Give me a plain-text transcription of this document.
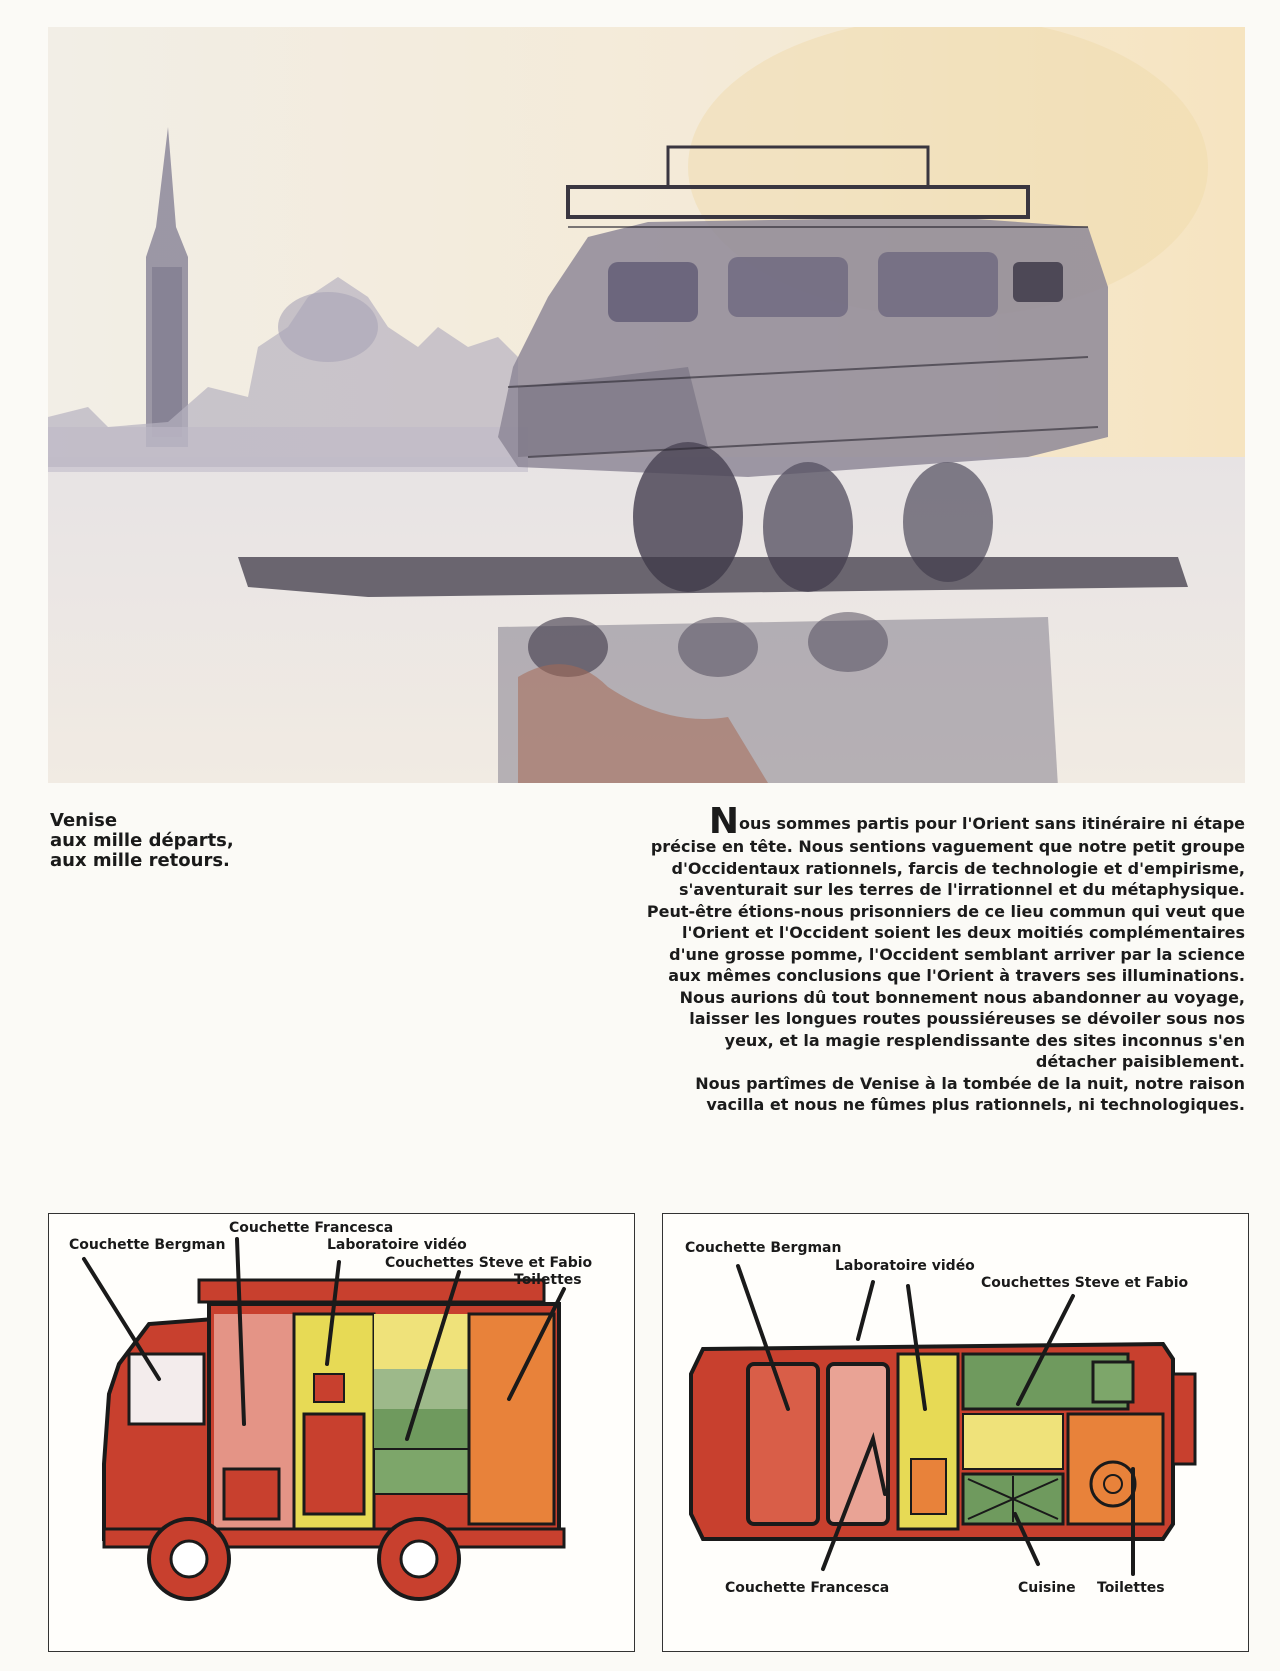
Venise
aux mille départs,
aux mille retours.

Nous sommes partis pour l'Orient sans itinéraire ni étape précise en tête. Nous sentions vaguement que notre petit groupe d'Occidentaux rationnels, farcis de technologie et d'empirisme, s'aventurait sur les terres de l'irrationnel et du métaphysique.

Peut-être étions-nous prisonniers de ce lieu commun qui veut que l'Orient et l'Occident soient les deux moitiés complémentaires d'une grosse pomme, l'Occident semblant arriver par la science aux mêmes conclusions que l'Orient à travers ses illuminations.

Nous aurions dû tout bonnement nous abandonner au voyage, laisser les longues routes poussiéreuses se dévoiler sous nos yeux, et la magie resplendissante des sites inconnus s'en détacher paisiblement.

Nous partîmes de Venise à la tombée de la nuit, notre raison vacilla et nous ne fûmes plus rationnels, ni technologiques.

Couchette Bergman
Couchette Francesca
Laboratoire vidéo
Couchettes Steve et Fabio
Toilettes
Couchette Bergman
Laboratoire vidéo
Couchettes Steve et Fabio
Couchette Francesca	Cuisine Toilettes
